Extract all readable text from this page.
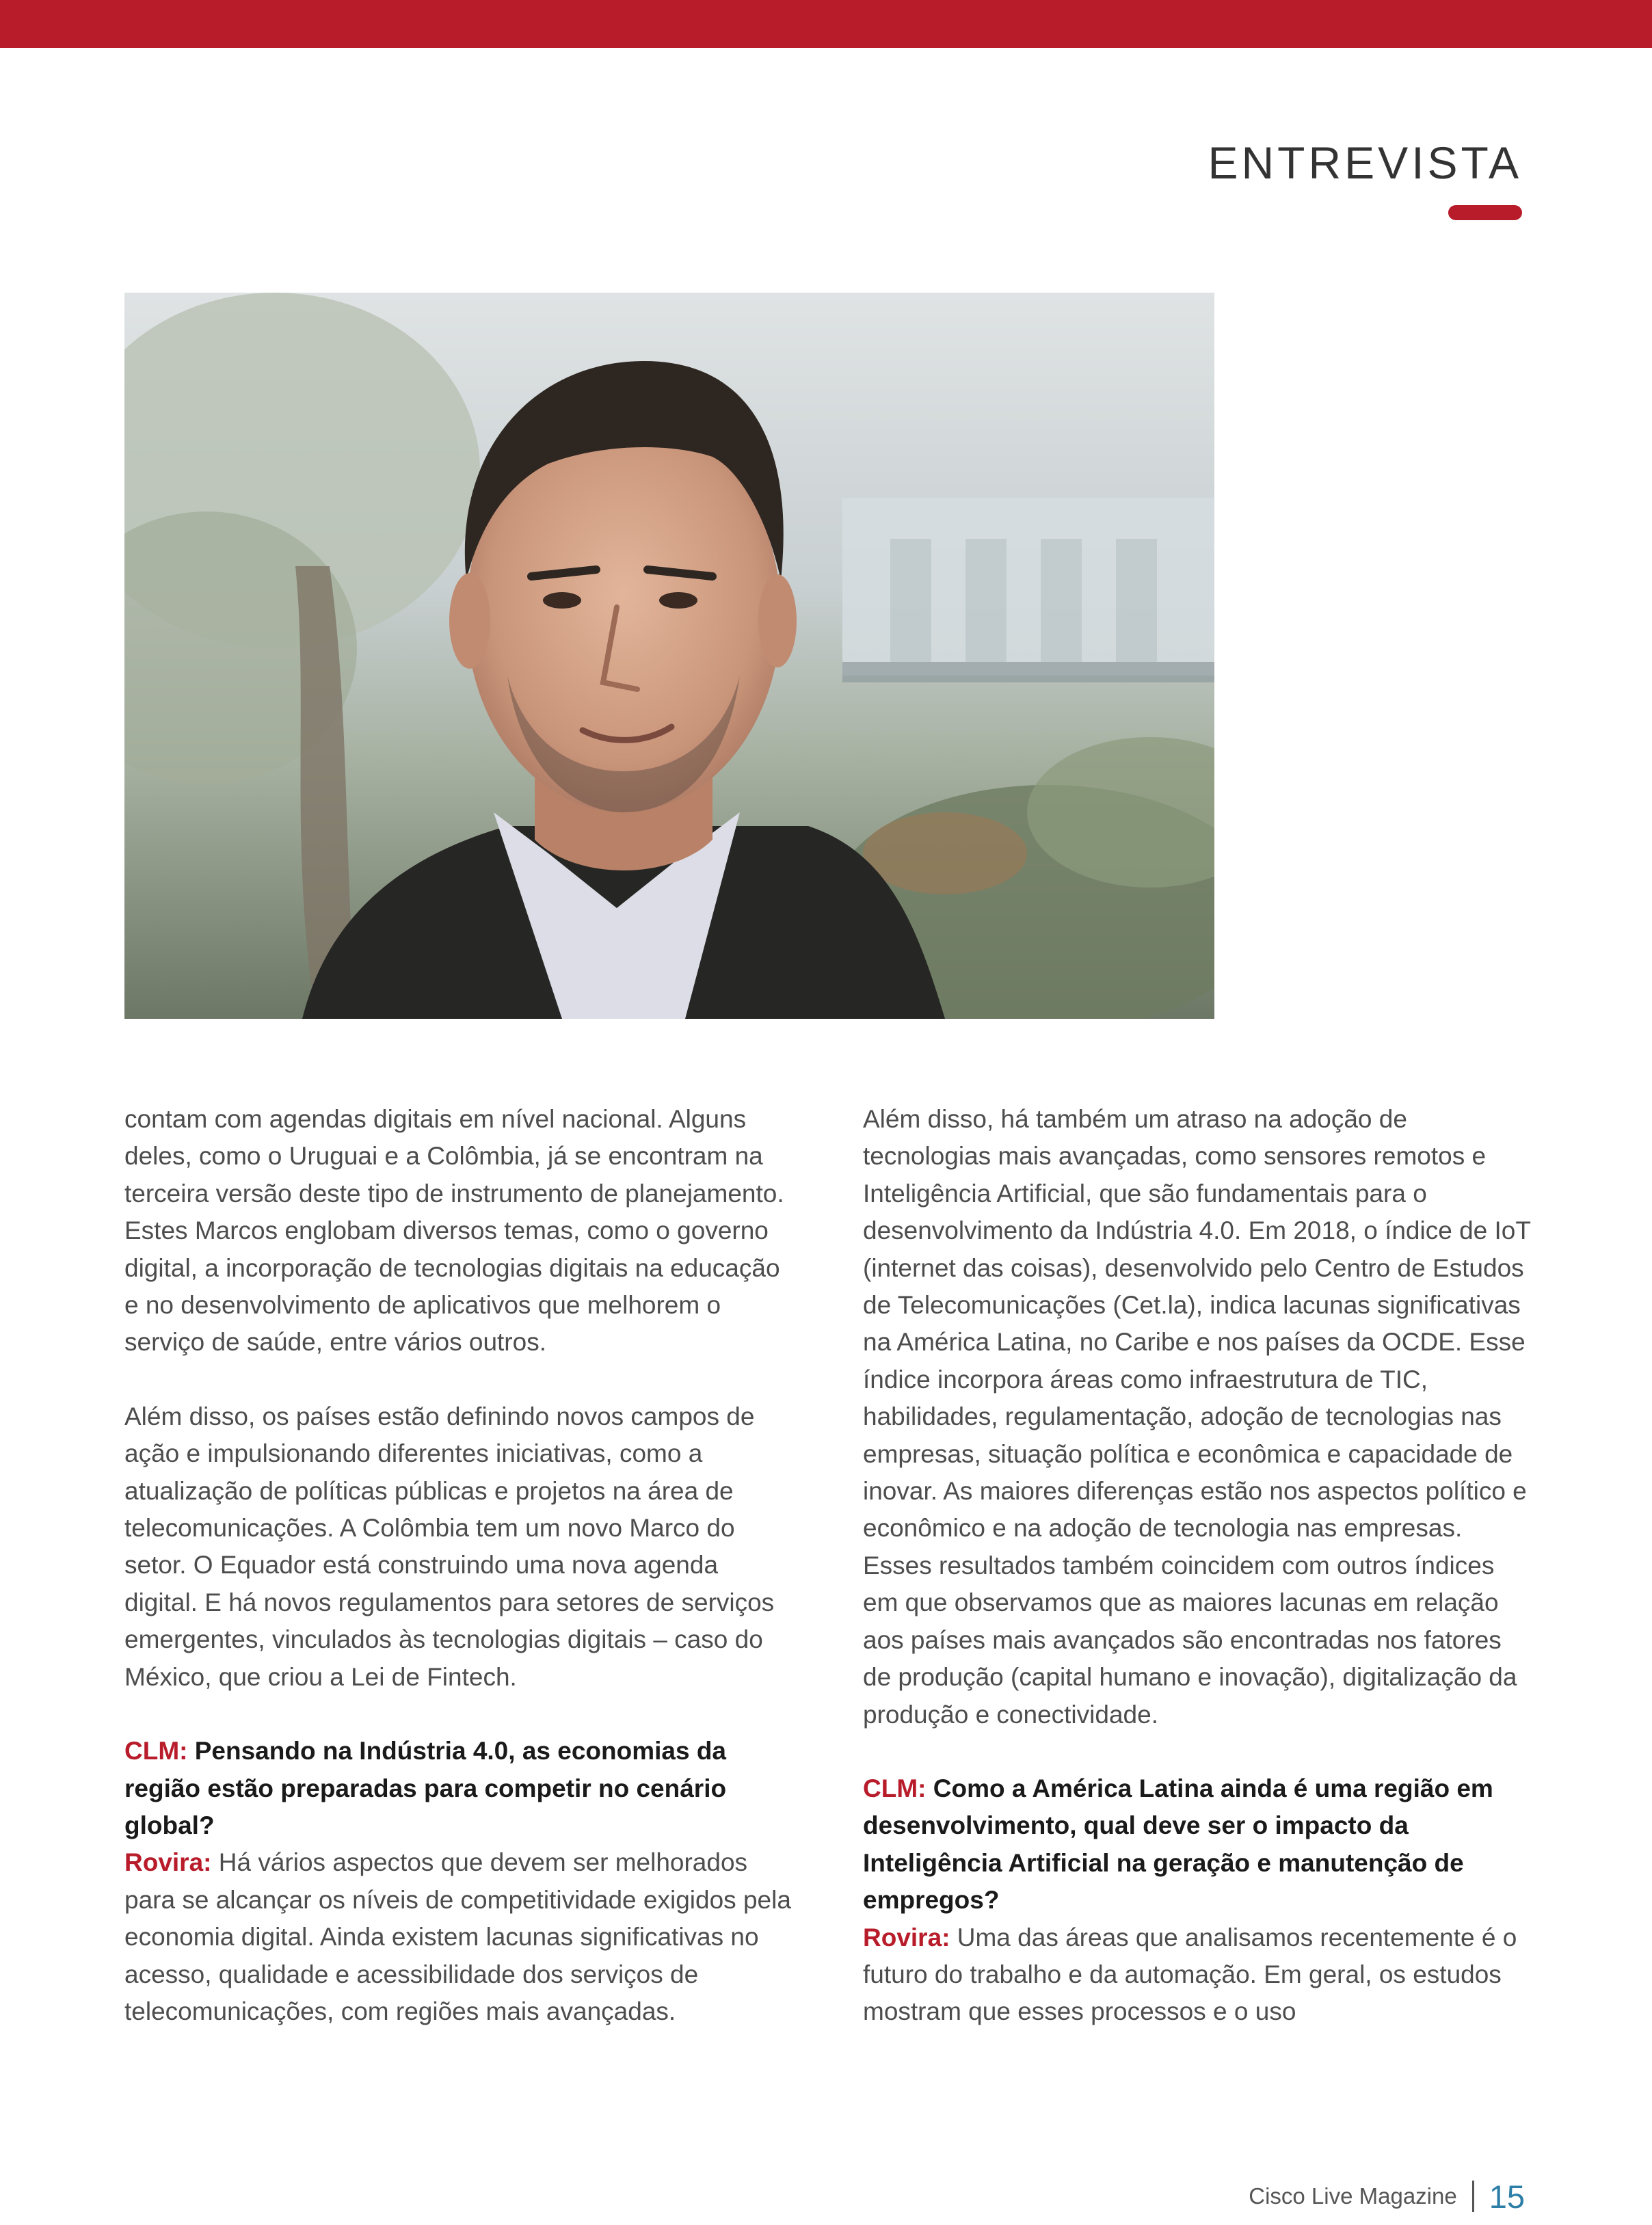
ENTREVISTA

contam com agendas digitais em nível nacional. Alguns deles, como o Uruguai e a Colômbia, já se encontram na terceira versão deste tipo de instrumento de planejamento. Estes Marcos englobam diversos temas, como o governo digital, a incorporação de tecnologias digitais na educação e no desenvolvimento de aplicativos que melhorem o serviço de saúde, entre vários outros.

Além disso, os países estão definindo novos campos de ação e impulsionando diferentes iniciativas, como a atualização de políticas públicas e projetos na área de telecomunicações. A Colômbia tem um novo Marco do setor. O Equador está construindo uma nova agenda digital. E há novos regulamentos para setores de serviços emergentes, vinculados às tecnologias digitais – caso do México, que criou a Lei de Fintech.

CLM: Pensando na Indústria 4.0, as economias da região estão preparadas para competir no cenário global?

Rovira: Há vários aspectos que devem ser melhorados para se alcançar os níveis de competitividade exigidos pela economia digital. Ainda existem lacunas significativas no acesso, qualidade e acessibilidade dos serviços de telecomunicações, com regiões mais avançadas.

Além disso, há também um atraso na adoção de tecnologias mais avançadas, como sensores remotos e Inteligência Artificial, que são fundamentais para o desenvolvimento da Indústria 4.0. Em 2018, o índice de IoT (internet das coisas), desenvolvido pelo Centro de Estudos de Telecomunicações (Cet.la), indica lacunas significativas na América Latina, no Caribe e nos países da OCDE. Esse índice incorpora áreas como infraestrutura de TIC, habilidades, regulamentação, adoção de tecnologias nas empresas, situação política e econômica e capacidade de inovar. As maiores diferenças estão nos aspectos político e econômico e na adoção de tecnologia nas empresas. Esses resultados também coincidem com outros índices em que observamos que as maiores lacunas em relação aos países mais avançados são encontradas nos fatores de produção (capital humano e inovação), digitalização da produção e conectividade.

CLM: Como a América Latina ainda é uma região em desenvolvimento, qual deve ser o impacto da Inteligência Artificial na geração e manutenção de empregos?

Rovira: Uma das áreas que analisamos recentemente é o futuro do trabalho e da automação. Em geral, os estudos mostram que esses processos e o uso

Cisco Live Magazine 15
